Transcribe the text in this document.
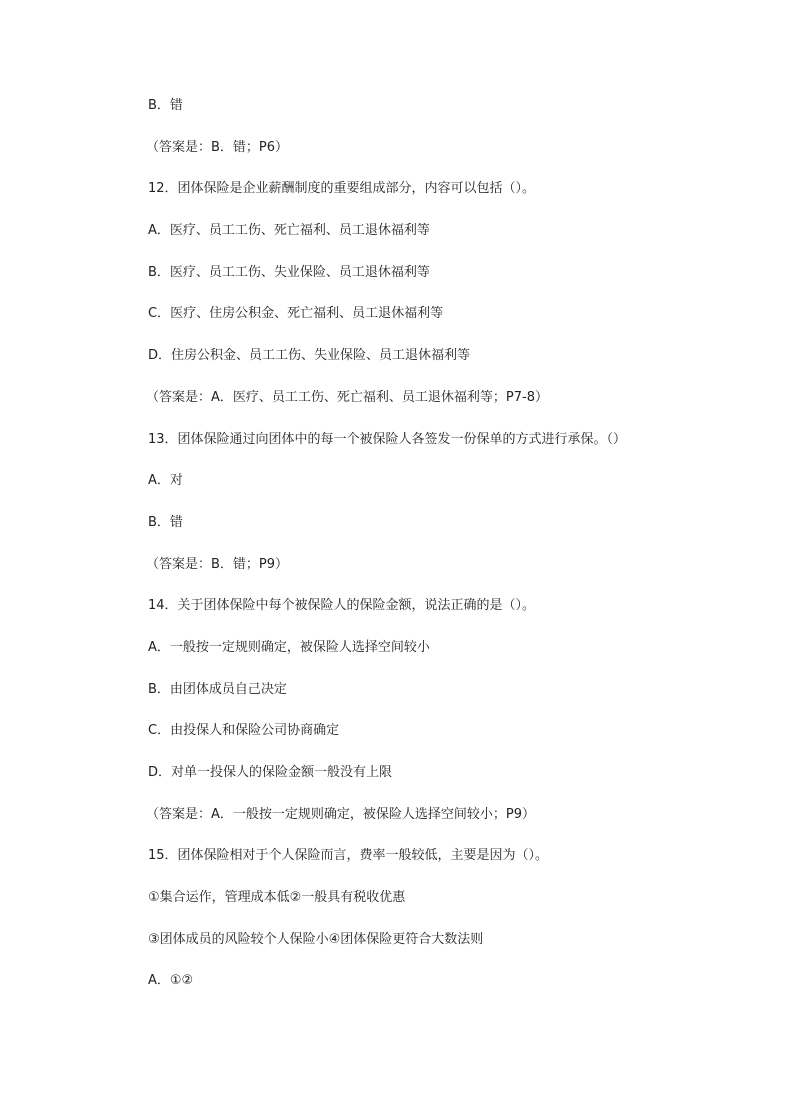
B．错
（答案是：B．错；P6）
12．团体保险是企业薪酬制度的重要组成部分，内容可以包括（）。
A．医疗、员工工伤、死亡福利、员工退休福利等
B．医疗、员工工伤、失业保险、员工退休福利等
C．医疗、住房公积金、死亡福利、员工退休福利等
D．住房公积金、员工工伤、失业保险、员工退休福利等
（答案是：A．医疗、员工工伤、死亡福利、员工退休福利等；P7-8）
13．团体保险通过向团体中的每一个被保险人各签发一份保单的方式进行承保。（）
A．对
B．错
（答案是：B．错；P9）
14．关于团体保险中每个被保险人的保险金额，说法正确的是（）。
A．一般按一定规则确定，被保险人选择空间较小
B．由团体成员自己决定
C．由投保人和保险公司协商确定
D．对单一投保人的保险金额一般没有上限
（答案是：A．一般按一定规则确定，被保险人选择空间较小；P9）
15．团体保险相对于个人保险而言，费率一般较低，主要是因为（）。
①集合运作，管理成本低②一般具有税收优惠
③团体成员的风险较个人保险小④团体保险更符合大数法则
A．①②
